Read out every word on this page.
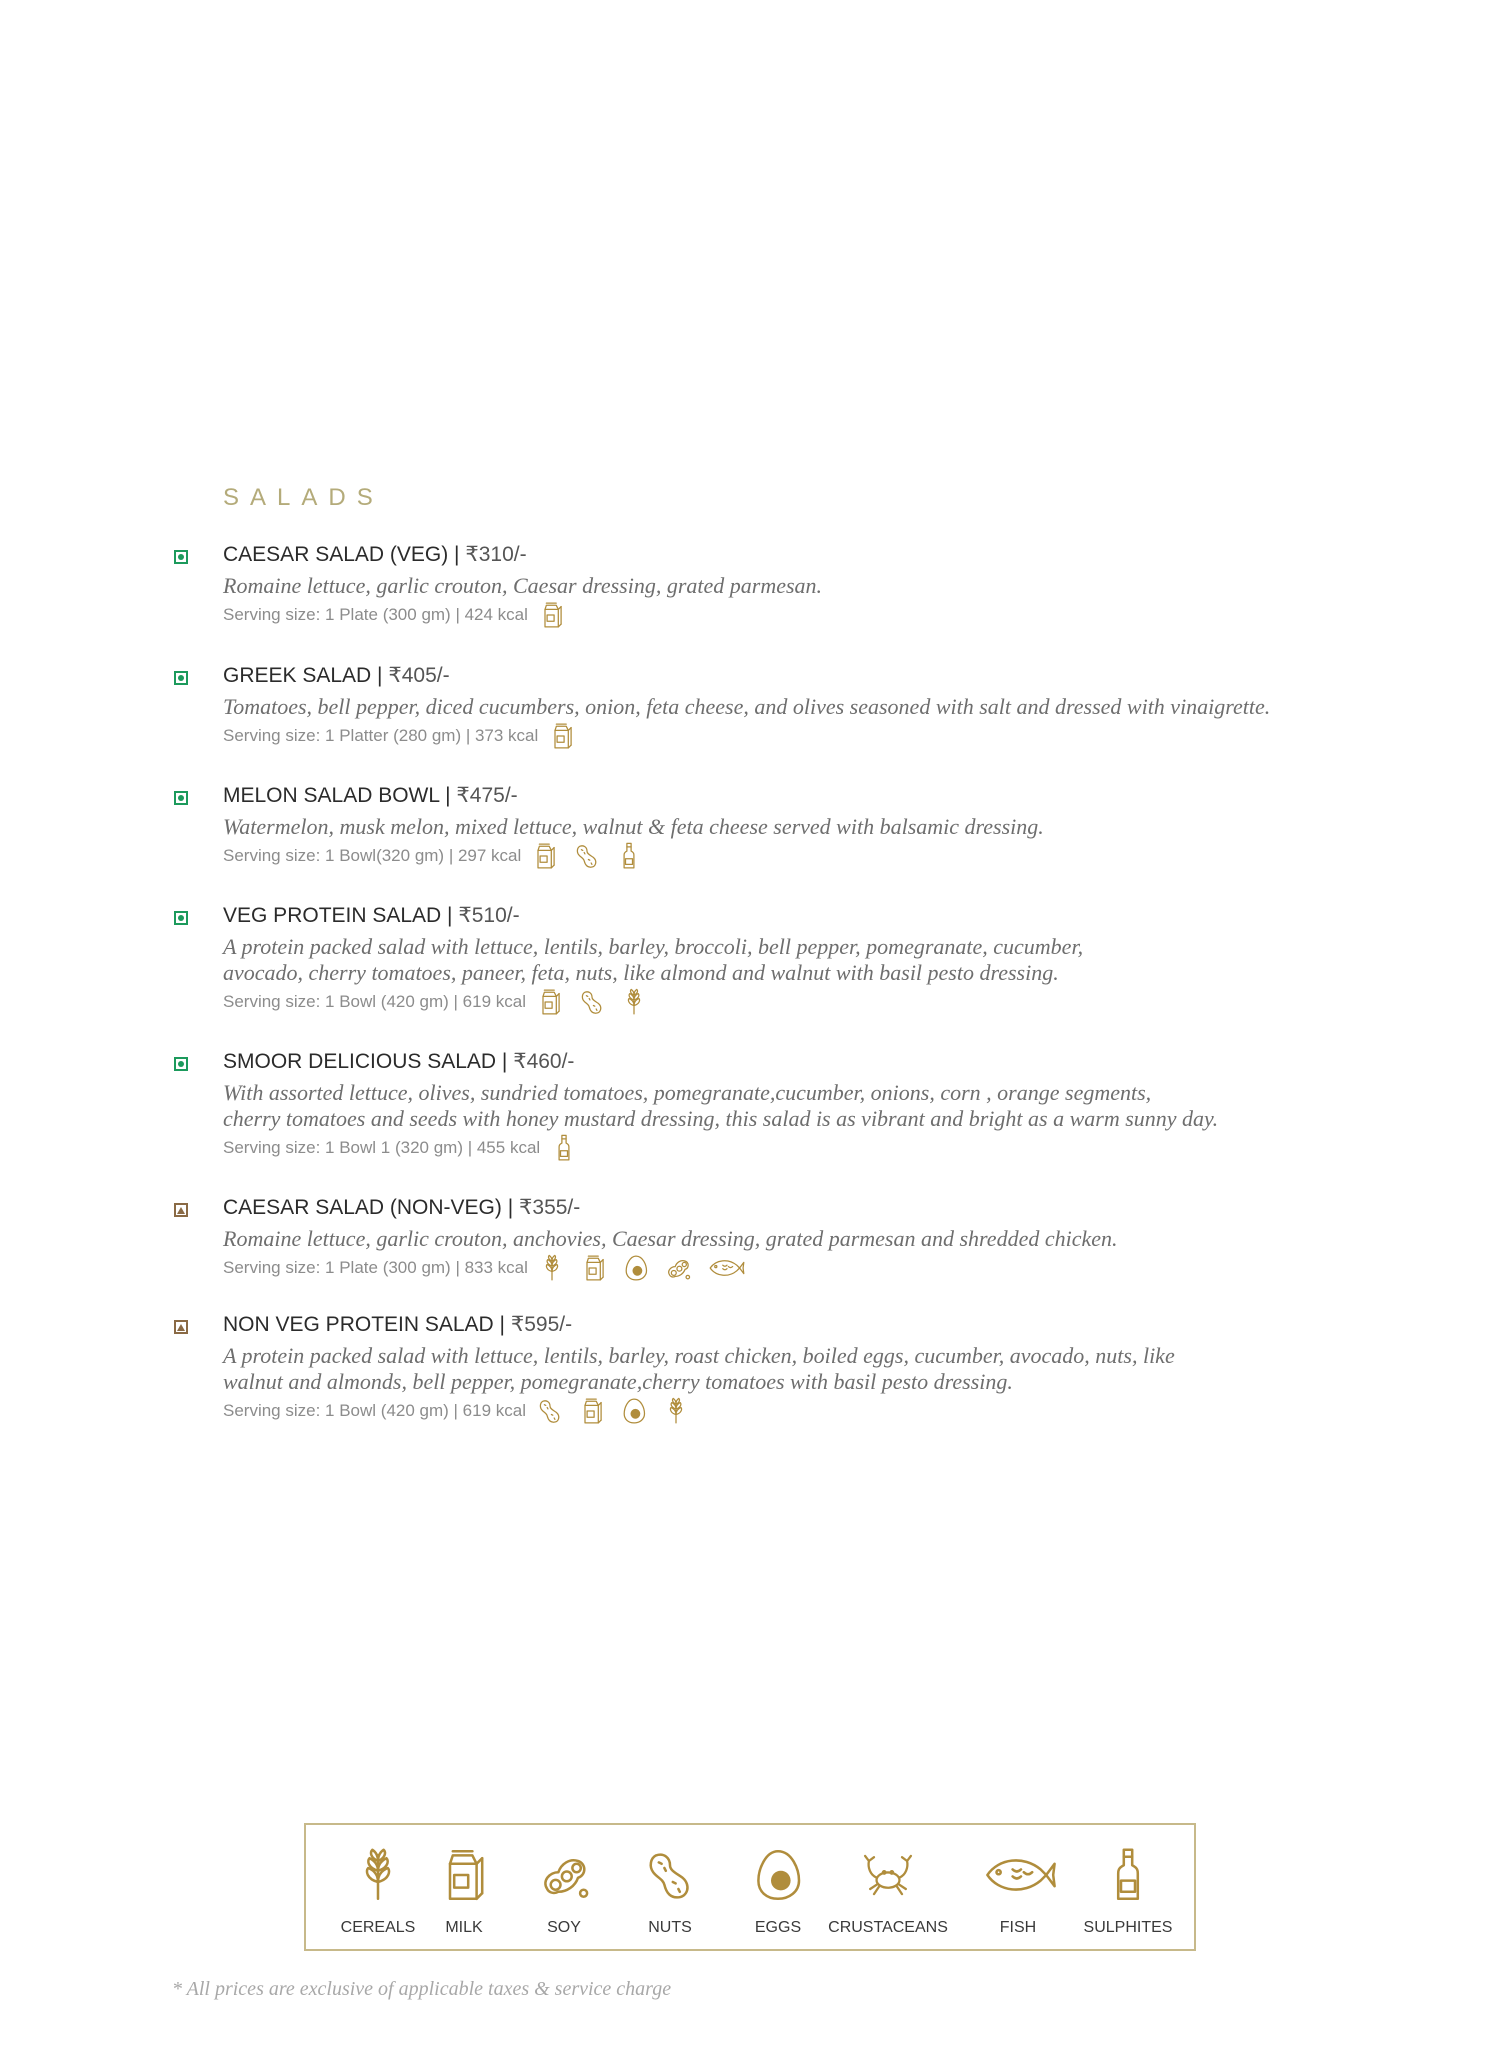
SALADS
CAESAR SALAD (VEG) | ₹310/-
Romaine lettuce, garlic crouton, Caesar dressing, grated parmesan.
Serving size: 1 Plate (300 gm) | 424 kcal
GREEK SALAD | ₹405/-
Tomatoes, bell pepper, diced cucumbers, onion, feta cheese, and olives seasoned with salt and dressed with vinaigrette.
Serving size: 1 Platter (280 gm) | 373 kcal
MELON SALAD BOWL | ₹475/-
Watermelon, musk melon, mixed lettuce, walnut & feta cheese served with balsamic dressing.
Serving size: 1 Bowl(320 gm) | 297 kcal
VEG PROTEIN SALAD | ₹510/-
A protein packed salad with lettuce, lentils, barley, broccoli, bell pepper, pomegranate, cucumber,
avocado, cherry tomatoes, paneer, feta, nuts, like almond and walnut with basil pesto dressing.
Serving size: 1 Bowl (420 gm) | 619 kcal
SMOOR DELICIOUS SALAD | ₹460/-
With assorted lettuce, olives, sundried tomatoes, pomegranate,cucumber, onions, corn , orange segments,
cherry tomatoes and seeds with honey mustard dressing, this salad is as vibrant and bright as a warm sunny day.
Serving size: 1 Bowl 1 (320 gm) | 455 kcal
CAESAR SALAD (NON-VEG) | ₹355/-
Romaine lettuce, garlic crouton, anchovies, Caesar dressing, grated parmesan and shredded chicken.
Serving size: 1 Plate (300 gm) | 833 kcal
NON VEG PROTEIN SALAD | ₹595/-
A protein packed salad with lettuce, lentils, barley, roast chicken, boiled eggs, cucumber, avocado, nuts, like
walnut and almonds, bell pepper, pomegranate,cherry tomatoes with basil pesto dressing.
Serving size: 1 Bowl (420 gm) | 619 kcal
CEREALS	MILK	SOY	NUTS	EGGS	CRUSTACEANS	FISH	SULPHITES
* All prices are exclusive of applicable taxes & service charge
